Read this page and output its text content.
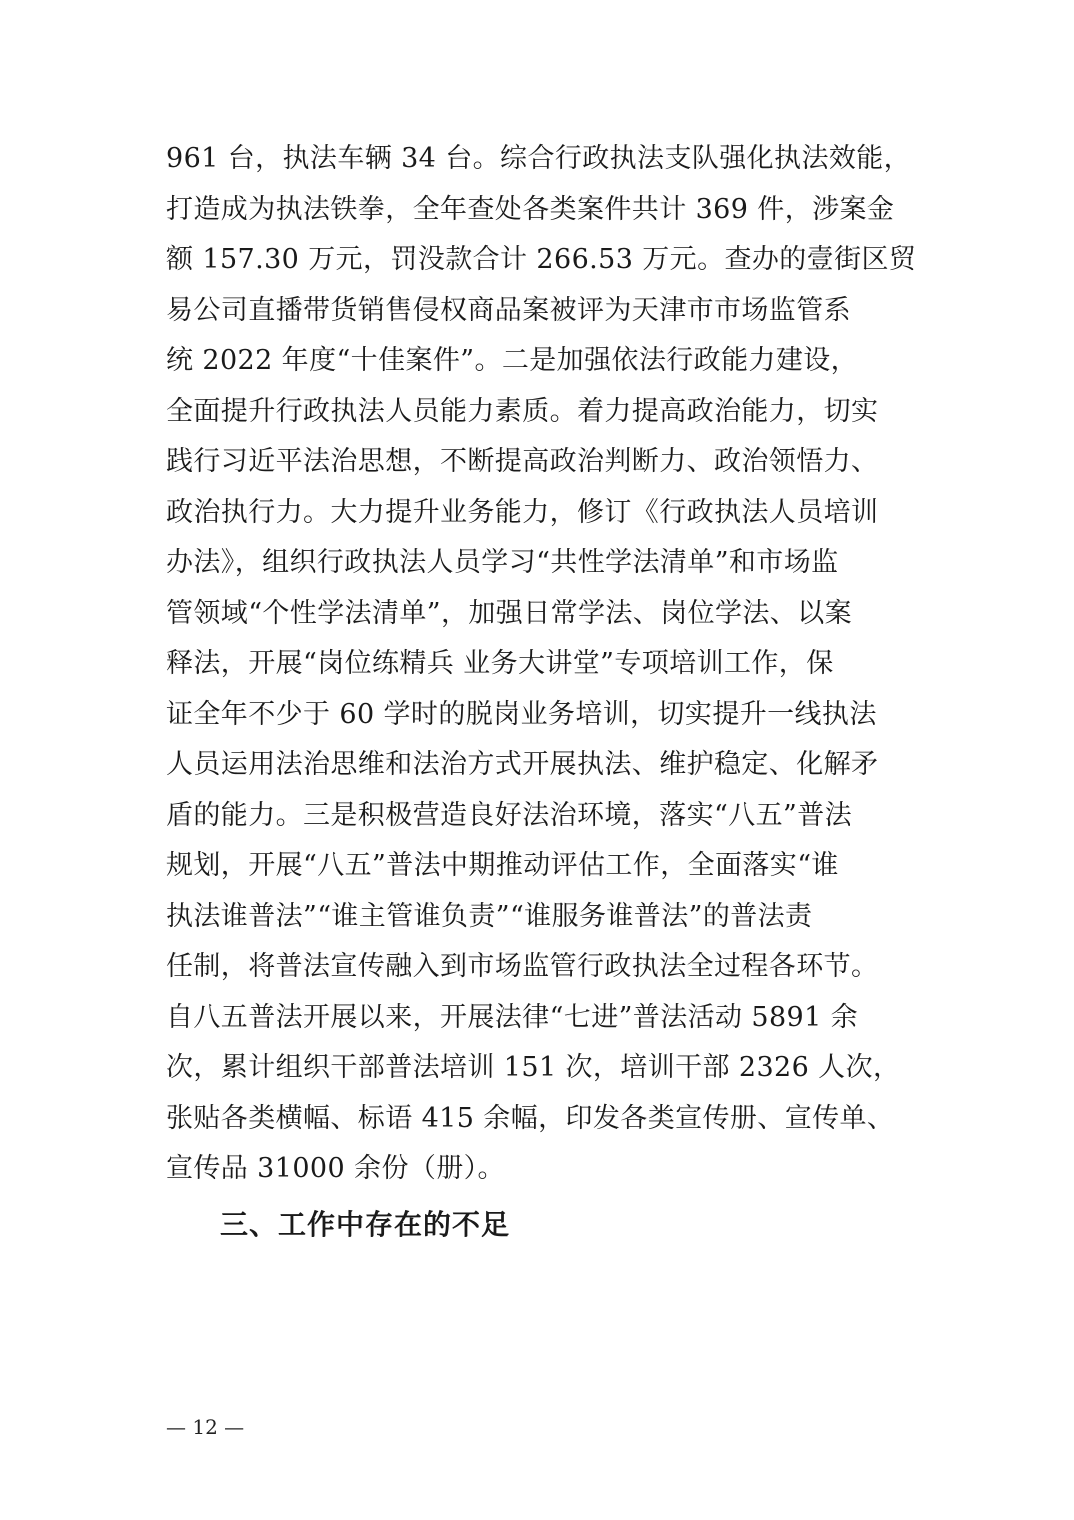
961 台，执法车辆 34 台。综合行政执法支队强化执法效能，
打造成为执法铁拳，全年查处各类案件共计 369 件，涉案金
额 157.30 万元，罚没款合计 266.53 万元。查办的壹街区贸
易公司直播带货销售侵权商品案被评为天津市市场监管系
统 2022 年度“十佳案件”。二是加强依法行政能力建设，
全面提升行政执法人员能力素质。着力提高政治能力，切实
践行习近平法治思想，不断提高政治判断力、政治领悟力、
政治执行力。大力提升业务能力，修订《行政执法人员培训
办法》，组织行政执法人员学习“共性学法清单”和市场监
管领域“个性学法清单”，加强日常学法、岗位学法、以案
释法，开展“岗位练精兵 业务大讲堂”专项培训工作，保
证全年不少于 60 学时的脱岗业务培训，切实提升一线执法
人员运用法治思维和法治方式开展执法、维护稳定、化解矛
盾的能力。三是积极营造良好法治环境，落实“八五”普法
规划，开展“八五”普法中期推动评估工作，全面落实“谁
执法谁普法”“谁主管谁负责”“谁服务谁普法”的普法责
任制，将普法宣传融入到市场监管行政执法全过程各环节。
自八五普法开展以来，开展法律“七进”普法活动 5891 余
次，累计组织干部普法培训 151 次，培训干部 2326 人次，
张贴各类横幅、标语 415 余幅，印发各类宣传册、宣传单、
宣传品 31000 余份（册）。
三、工作中存在的不足
— 12 —
